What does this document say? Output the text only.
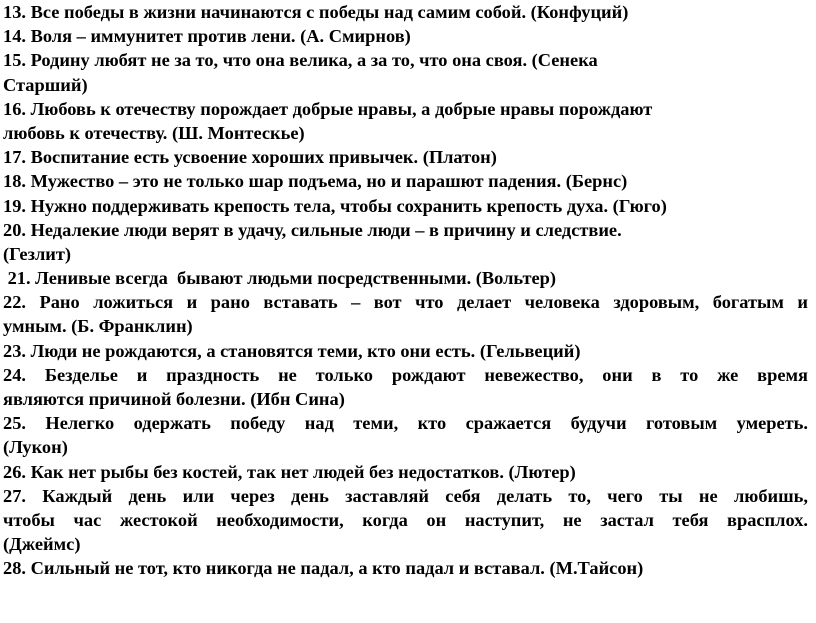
13. Все победы в жизни начинаются с победы над самим собой. (Конфуций)
14. Воля – иммунитет против лени. (А. Смирнов)
15. Родину любят не за то, что она велика, а за то, что она своя. (Сенека
Старший)
16. Любовь к отечеству порождает добрые нравы, а добрые нравы порождают
любовь к отечеству. (Ш. Монтескье)
17. Воспитание есть усвоение хороших привычек. (Платон)
18. Мужество – это не только шар подъема, но и парашют падения. (Бернс)
19. Нужно поддерживать крепость тела, чтобы сохранить крепость духа. (Гюго)
20. Недалекие люди верят в удачу, сильные люди – в причину и следствие.
(Гезлит)
21. Ленивые всегда  бывают людьми посредственными. (Вольтер)
22. Рано ложиться и рано вставать – вот что делает человека здоровым, богатым и
умным. (Б. Франклин)
23. Люди не рождаются, а становятся теми, кто они есть. (Гельвеций)
24. Безделье и праздность не только рождают невежество, они в то же время
являются причиной болезни. (Ибн Сина)
25. Нелегко одержать победу над теми, кто сражается будучи готовым умереть.
(Лукон)
26. Как нет рыбы без костей, так нет людей без недостатков. (Лютер)
27. Каждый день или через день заставляй себя делать то, чего ты не любишь,
чтобы час жестокой необходимости, когда он наступит, не застал тебя врасплох.
(Джеймс)
28. Сильный не тот, кто никогда не падал, а кто падал и вставал. (М.Тайсон)
